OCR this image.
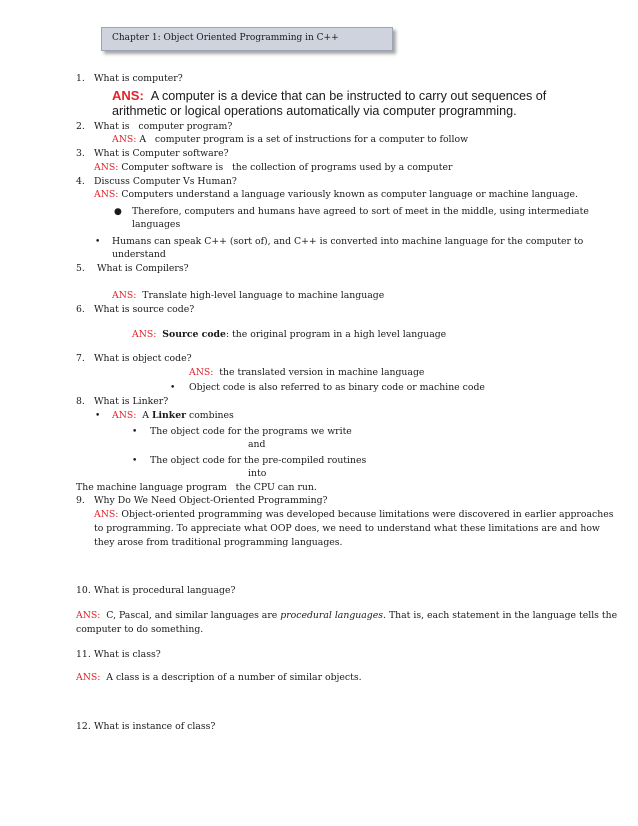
Chapter 1: Object Oriented Programming in C++
1. What is computer?
ANS: A computer is a device that can be instructed to carry out sequences of
arithmetic or logical operations automatically via computer programming.
2. What is   computer program?
ANS: A   computer program is a set of instructions for a computer to follow
3. What is Computer software?
ANS: Computer software is   the collection of programs used by a computer
4. Discuss Computer Vs Human?
ANS: Computers understand a language variously known as computer language or machine language.
● Therefore, computers and humans have agreed to sort of meet in the middle, using intermediate
languages
• Humans can speak C++ (sort of), and C++ is converted into machine language for the computer to
understand
5. What is Compilers?
ANS: Translate high-level language to machine language
6. What is source code?
ANS: Source code: the original program in a high level language
7. What is object code?
ANS: the translated version in machine language
• Object code is also referred to as binary code or machine code
8. What is Linker?
• ANS: A Linker combines
• The object code for the programs we write
and
• The object code for the pre-compiled routines
into
The machine language program   the CPU can run.
9. Why Do We Need Object-Oriented Programming?
ANS: Object-oriented programming was developed because limitations were discovered in earlier approaches
to programming. To appreciate what OOP does, we need to understand what these limitations are and how
they arose from traditional programming languages.
10. What is procedural language?
ANS: C, Pascal, and similar languages are procedural languages. That is, each statement in the language tells the
computer to do something.
11. What is class?
ANS: A class is a description of a number of similar objects.
12. What is instance of class?
